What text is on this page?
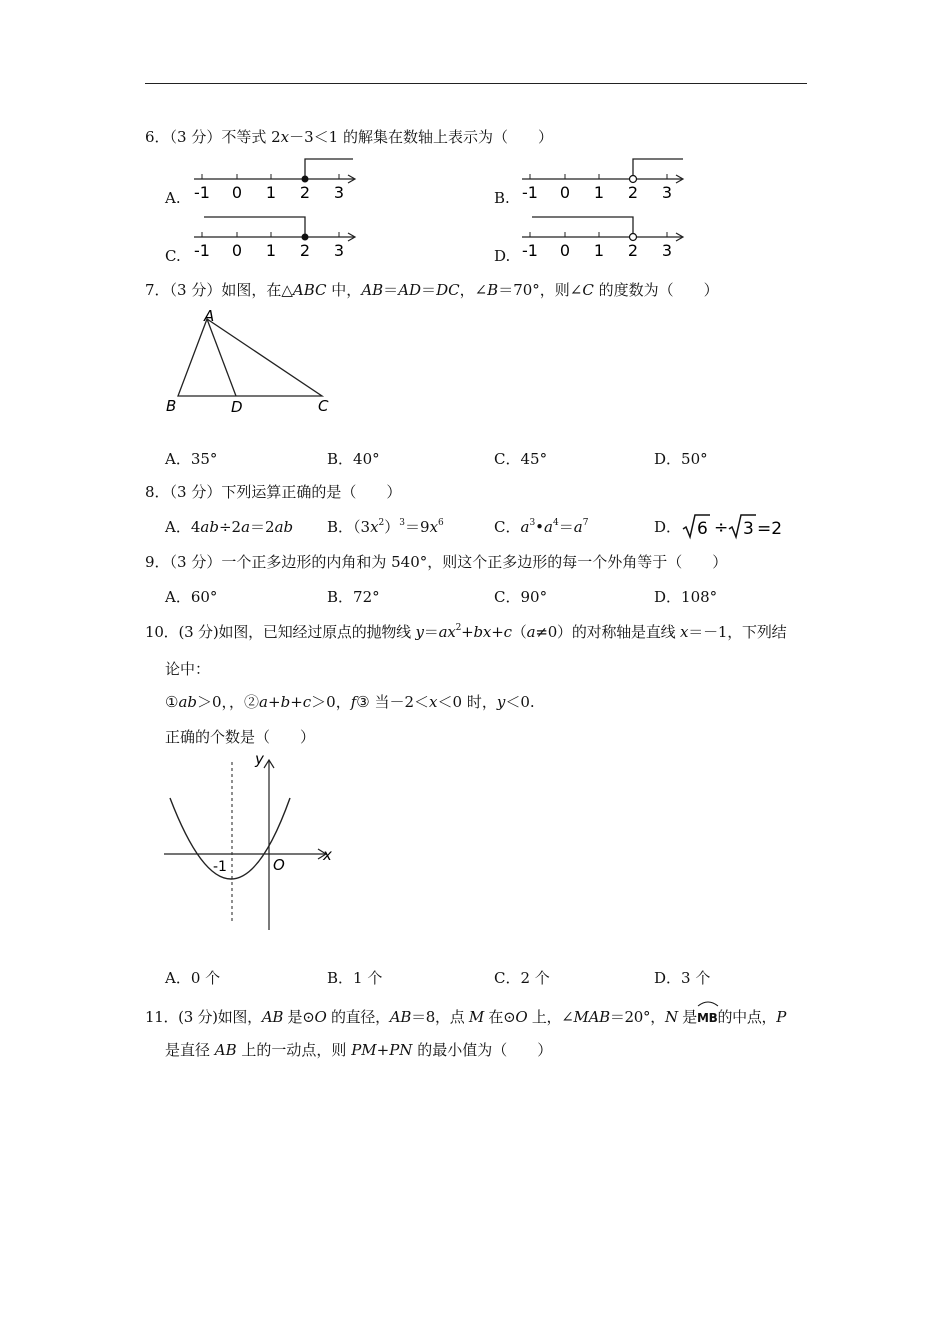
6．（3 分）不等式 2x－3＜1 的解集在数轴上表示为（　　）
A.	B.
C.	D.
-1 0 1 2 3	-1 0 1 2 3
-1 0 1 2 3	-1 0 1 2 3
7．（3 分）如图，在△ABC 中，AB＝AD＝DC，∠B＝70°，则∠C 的度数为（　　）
A
B	D	C
A．35°	B．40°	C．45°	D．50°
8．（3 分）下列运算正确的是（　　）
A．4ab÷2a＝2ab B．$(3x^2)^3=9x^6$	C．$a^3•a^4=a^7$	D． 6 ÷ 3 =2
9．（3 分）一个正多边形的内角和为 540°，则这个正多边形的每一个外角等于（　　）
A．60°	B．72°	C．90°	D．108°
10．(3 分)如图，已知经过原点的抛物线 $y=ax^2+bx+c(a\ne 0)$的对称轴是直线 x＝－1，下列结
论中：
①ab＞0，，②a+b+c＞0，f③ 当－2＜x＜0 时，y＜0.
正确的个数是（　　）
y
x
O
-1
A．0 个	B．1 个	C．2 个	D．3 个
11．(3 分)如图，AB 是⊙O 的直径，AB＝8，点 M 在⊙O 上，∠MAB＝20°，N 是
MB的中点，P
是直径 AB 上的一动点，则 PM+PN 的最小值为（　　）
